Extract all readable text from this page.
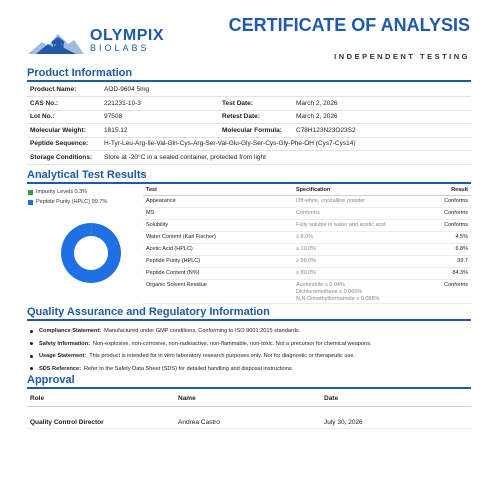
OLYMPIX
BIOLABS
CERTIFICATE OF ANALYSIS
INDEPENDENT TESTING
Product Information
Product Name:	AOD-9604 5mg		
CAS No.:	221231-10-3	Test Date:	March 2, 2026
Lot No.:	97508	Retest Date:	March 2, 2026
Molecular Weight:	1815.12	Molecular Formula:	C78H123N23O23S2
Peptide Sequence:	H-Tyr-Leu-Arg-Ile-Val-Gln-Cys-Arg-Ser-Val-Glu-Gly-Ser-Cys-Gly-Phe-OH (Cys7-Cys14)		
Storage Conditions:	Store at -20°C in a sealed container, protected from light		
Analytical Test Results
Impurity Levels 0.3%
Peptide Purity (HPLC) 99.7%
Test	Specification	Result
Appearance	Off-white, crystalline powder	Conforms
MS	Conforms	Conforms
Solubility	Fully soluble in water and acetic acid	Conforms
Water Content (Karl Fischer)	≤ 8.0%	4.5%
Acetic Acid (HPLC)	≤ 10.0%	6.8%
Peptide Purity (HPLC)	≥ 98.0%	99.7
Peptide Content (N%)	≥ 80.0%	84.3%
Organic Solvent Residue	Acetonitrile ≤ 0.04%
Dichloromethane ≤ 0.060%
N,N-Dimethylformamide ≤ 0.088%	Conforms
Quality Assurance and Regulatory Information
Compliance Statement: Manufactured under GMP conditions, Conforming to ISO 9001:2015 standards.
Safety Information: Non-explosive, non-corrosive, non-radioactive, non-flammable, non-toxic. Not a precursor for chemical weapons.
Usage Statement: This product is intended for in vitro laboratory research purposes only. Not for diagnostic or therapeutic use.
SDS Reference: Refer to the Safety Data Sheet (SDS) for detailed handling and disposal instructions.
Approval
Role	Name	Date
Quality Control Director	Andrea Castro	July 30, 2026
